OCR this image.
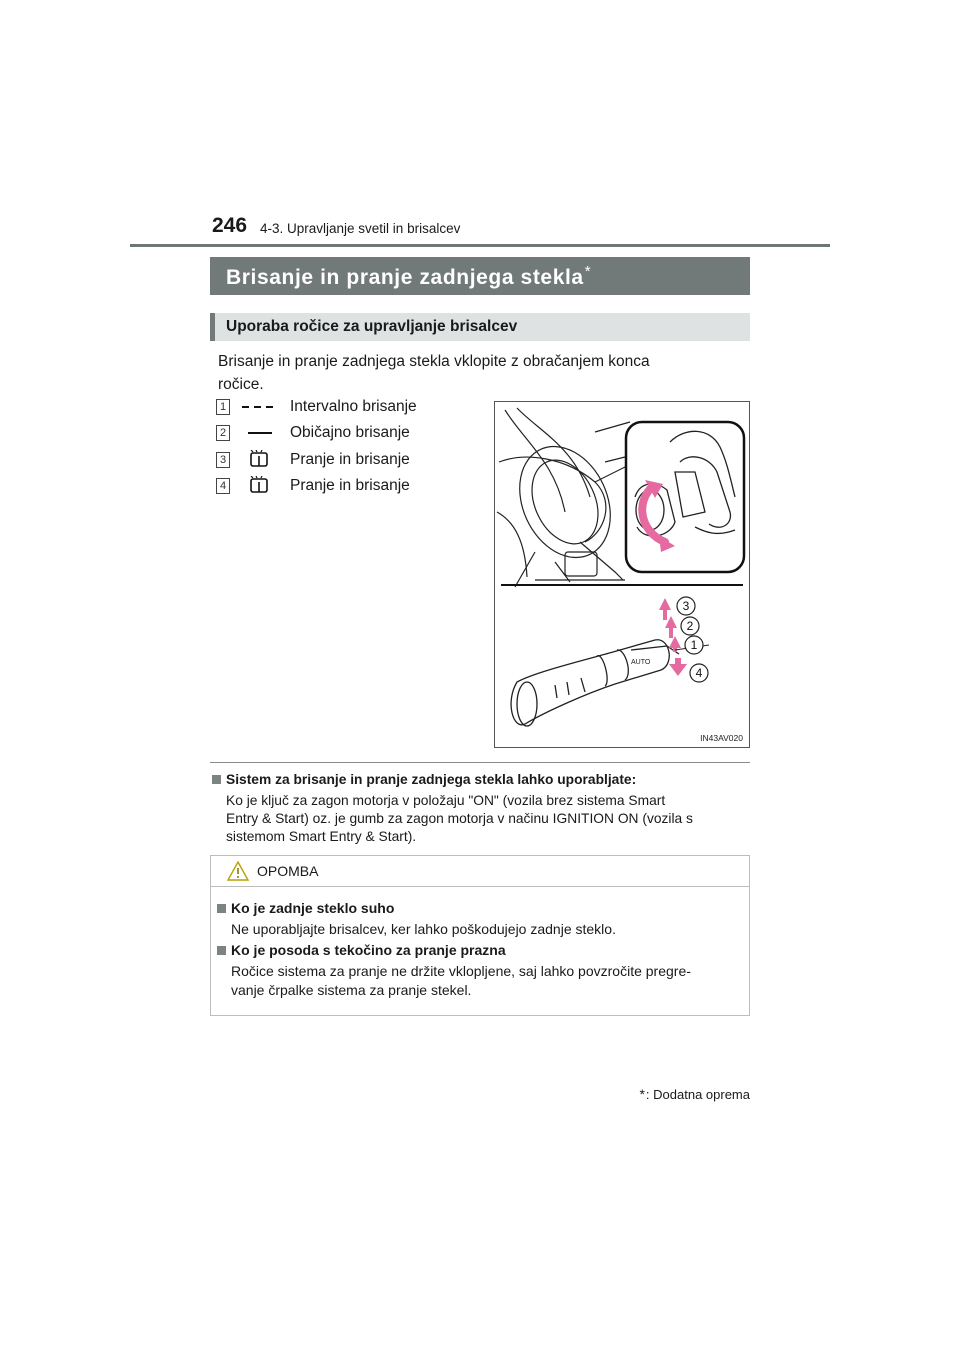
246 4-3. Upravljanje svetil in brisalcev
Brisanje in pranje zadnjega stekla*
Uporaba ročice za upravljanje brisalcev
Brisanje in pranje zadnjega stekla vklopite z obračanjem konca
ročice.
1	Intervalno brisanje
2	Običajno brisanje
3	Pranje in brisanje
4	Pranje in brisanje
AUTO
3
2
1
4
IN43AV020
Sistem za brisanje in pranje zadnjega stekla lahko uporabljate:
Ko je ključ za zagon motorja v položaju "ON" (vozila brez sistema Smart
Entry & Start) oz. je gumb za zagon motorja v načinu IGNITION ON (vozila s
sistemom Smart Entry & Start).
OPOMBA
Ko je zadnje steklo suho
Ne uporabljajte brisalcev, ker lahko poškodujejo zadnje steklo.
Ko je posoda s tekočino za pranje prazna
Ročice sistema za pranje ne držite vklopljene, saj lahko povzročite pregre-
vanje črpalke sistema za pranje stekel.
* : Dodatna oprema
